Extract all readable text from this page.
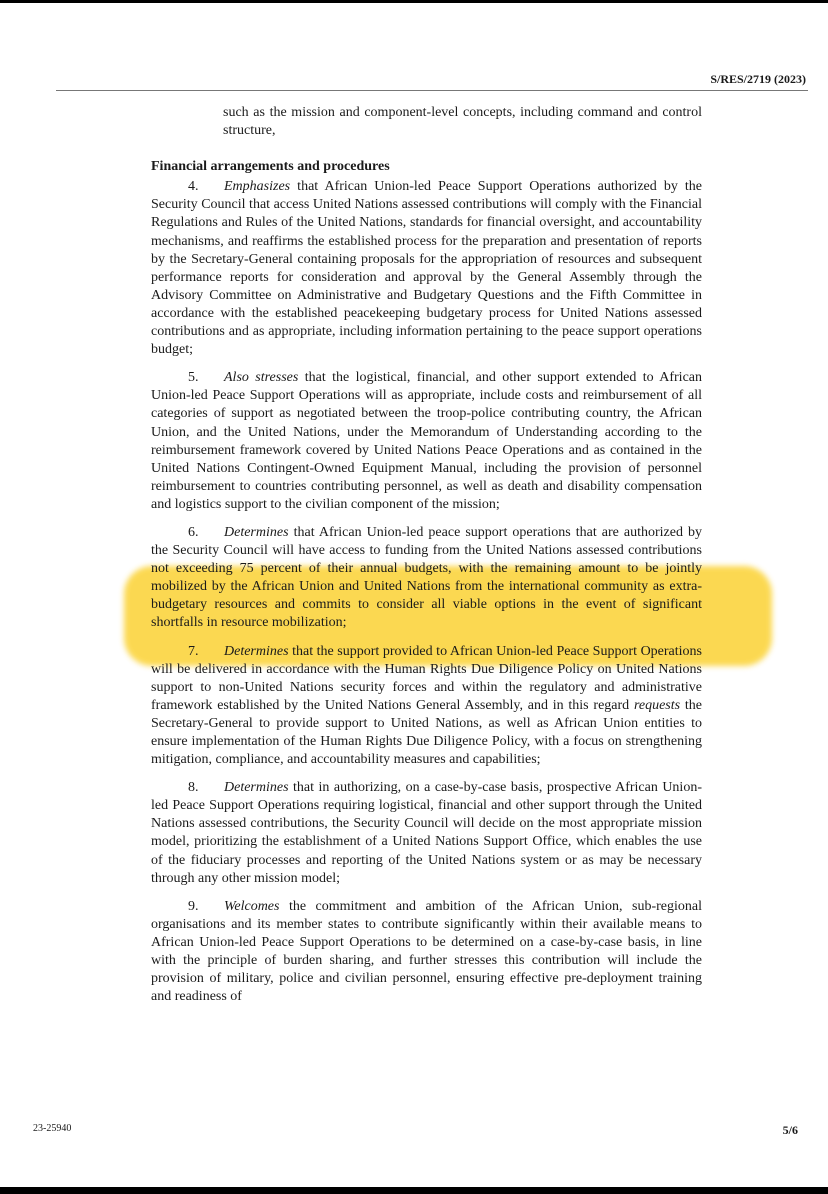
S/RES/2719 (2023)

such as the mission and component-level concepts, including command and control structure,

Financial arrangements and procedures

4. Emphasizes that African Union-led Peace Support Operations authorized by the Security Council that access United Nations assessed contributions will comply with the Financial Regulations and Rules of the United Nations, standards for financial oversight, and accountability mechanisms, and reaffirms the established process for the preparation and presentation of reports by the Secretary-General containing proposals for the appropriation of resources and subsequent performance reports for consideration and approval by the General Assembly through the Advisory Committee on Administrative and Budgetary Questions and the Fifth Committee in accordance with the established peacekeeping budgetary process for United Nations assessed contributions and as appropriate, including information pertaining to the peace support operations budget;

5. Also stresses that the logistical, financial, and other support extended to African Union-led Peace Support Operations will as appropriate, include costs and reimbursement of all categories of support as negotiated between the troop-police contributing country, the African Union, and the United Nations, under the Memorandum of Understanding according to the reimbursement framework covered by United Nations Peace Operations and as contained in the United Nations Contingent-Owned Equipment Manual, including the provision of personnel reimbursement to countries contributing personnel, as well as death and disability compensation and logistics support to the civilian component of the mission;

6. Determines that African Union-led peace support operations that are authorized by the Security Council will have access to funding from the United Nations assessed contributions not exceeding 75 percent of their annual budgets, with the remaining amount to be jointly mobilized by the African Union and United Nations from the international community as extra-budgetary resources and commits to consider all viable options in the event of significant shortfalls in resource mobilization;

7. Determines that the support provided to African Union-led Peace Support Operations will be delivered in accordance with the Human Rights Due Diligence Policy on United Nations support to non-United Nations security forces and within the regulatory and administrative framework established by the United Nations General Assembly, and in this regard requests the Secretary-General to provide support to United Nations, as well as African Union entities to ensure implementation of the Human Rights Due Diligence Policy, with a focus on strengthening mitigation, compliance, and accountability measures and capabilities;

8. Determines that in authorizing, on a case-by-case basis, prospective African Union-led Peace Support Operations requiring logistical, financial and other support through the United Nations assessed contributions, the Security Council will decide on the most appropriate mission model, prioritizing the establishment of a United Nations Support Office, which enables the use of the fiduciary processes and reporting of the United Nations system or as may be necessary through any other mission model;

9. Welcomes the commitment and ambition of the African Union, sub-regional organisations and its member states to contribute significantly within their available means to African Union-led Peace Support Operations to be determined on a case-by-case basis, in line with the principle of burden sharing, and further stresses this contribution will include the provision of military, police and civilian personnel, ensuring effective pre-deployment training and readiness of

23-25940	5/6
